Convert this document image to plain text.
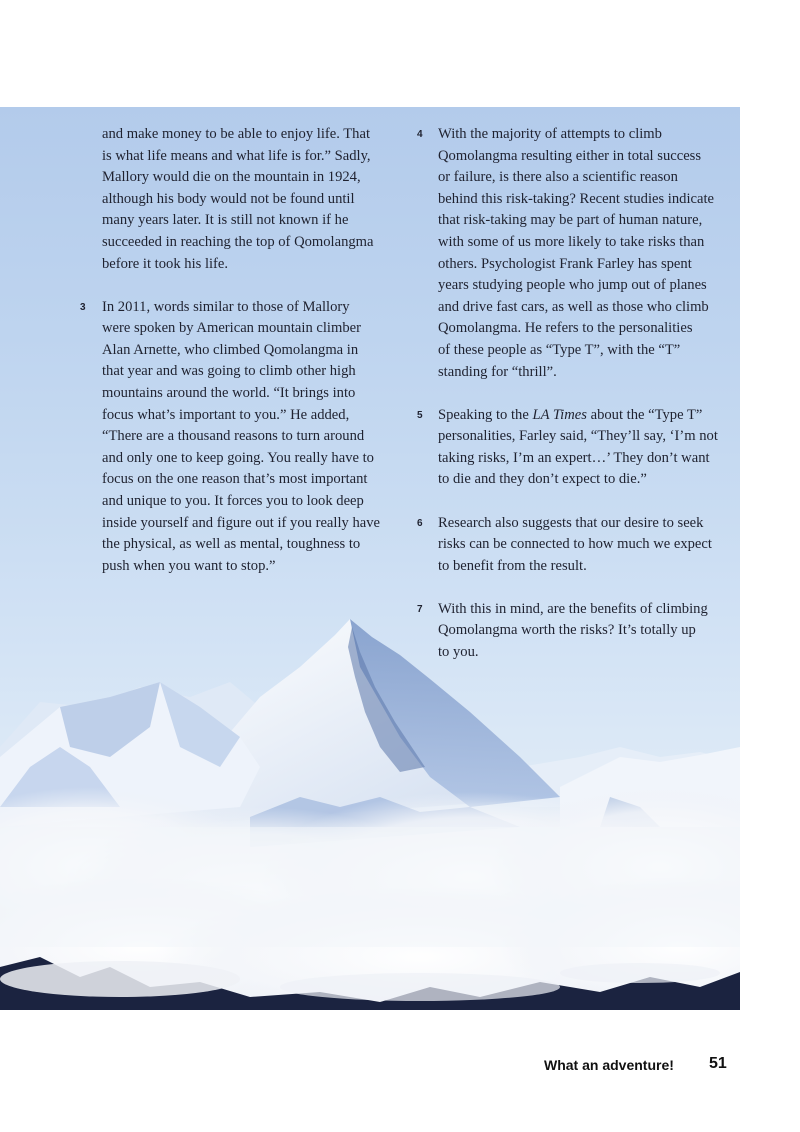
and make money to be able to enjoy life. That
is what life means and what life is for.” Sadly,
Mallory would die on the mountain in 1924,
although his body would not be found until
many years later. It is still not known if he
succeeded in reaching the top of Qomolangma
before it took his life.
3 In 2011, words similar to those of Mallory
were spoken by American mountain climber
Alan Arnette, who climbed Qomolangma in
that year and was going to climb other high
mountains around the world. “It brings into
focus what’s important to you.” He added,
“There are a thousand reasons to turn around
and only one to keep going. You really have to
focus on the one reason that’s most important
and unique to you. It forces you to look deep
inside yourself and figure out if you really have
the physical, as well as mental, toughness to
push when you want to stop.”
4 With the majority of attempts to climb
Qomolangma resulting either in total success
or failure, is there also a scientific reason
behind this risk-taking? Recent studies indicate
that risk-taking may be part of human nature,
with some of us more likely to take risks than
others. Psychologist Frank Farley has spent
years studying people who jump out of planes
and drive fast cars, as well as those who climb
Qomolangma. He refers to the personalities
of these people as “Type T”, with the “T”
standing for “thrill”.
5 Speaking to the LA Times about the “Type T”
personalities, Farley said, “They’ll say, ‘I’m not
taking risks, I’m an expert…’ They don’t want
to die and they don’t expect to die.”
6 Research also suggests that our desire to seek
risks can be connected to how much we expect
to benefit from the result.
7 With this in mind, are the benefits of climbing
Qomolangma worth the risks? It’s totally up
to you.
What an adventure! 51
